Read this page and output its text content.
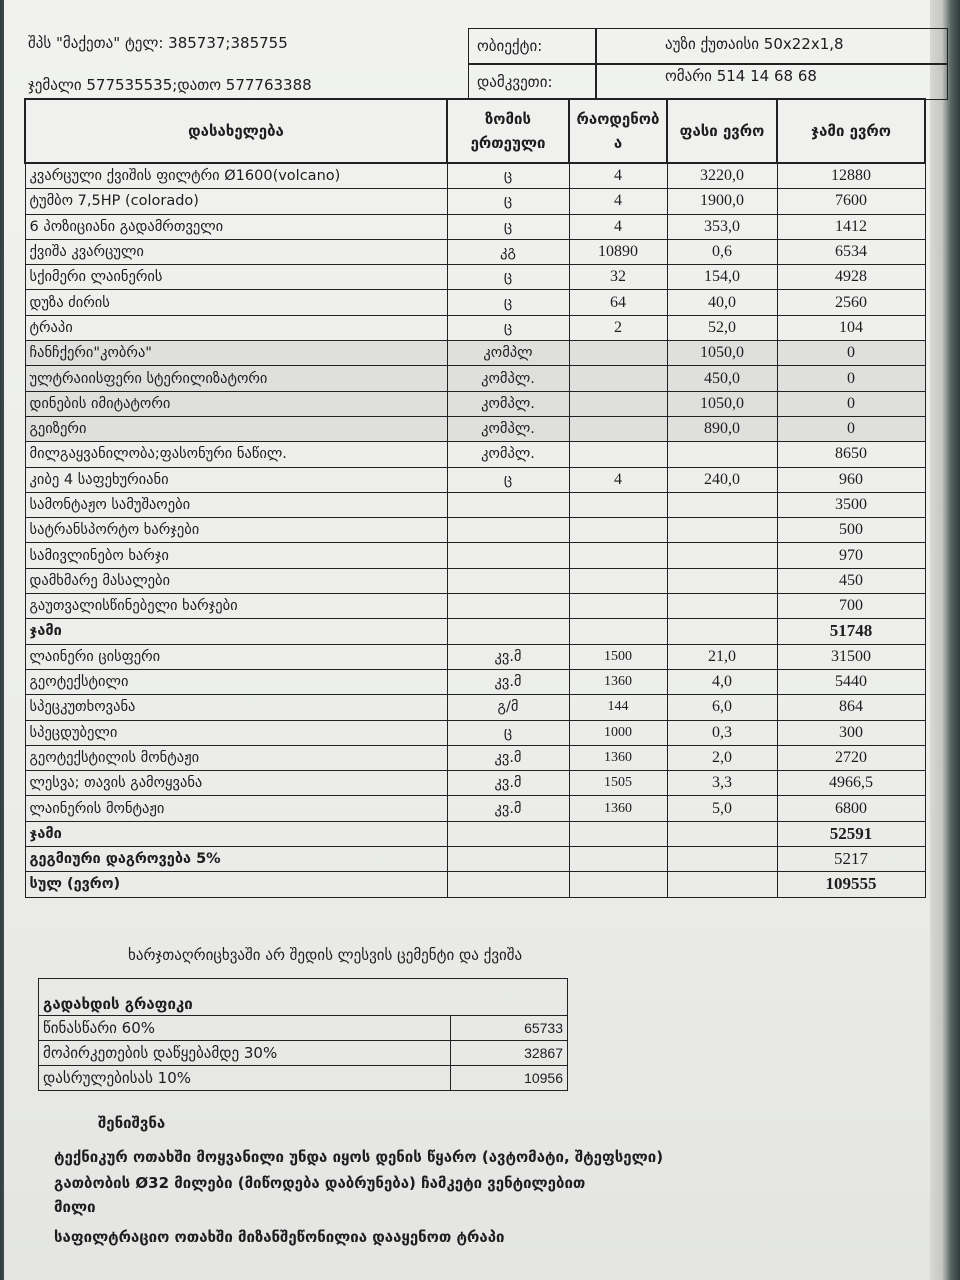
შპს "მაქეთა" ტელ: 385737;385755
ჯემალი 577535535;დათო 577763388
ობიექტი:	აუზი ქუთაისი 50x22x1,8
დამკვეთი:	ომარი 514 14 68 68
დასახელება	ზომის ერთეული	რაოდენობა	ფასი ევრო	ჯამი ევრო
კვარცული ქვიშის ფილტრი Ø1600(volcano)	ც	4	3220,0	12880
ტუმბო 7,5HP (colorado)	ც	4	1900,0	7600
6 პოზიციანი გადამრთველი	ც	4	353,0	1412
ქვიშა კვარცული	კგ	10890	0,6	6534
სქიმერი ლაინერის	ც	32	154,0	4928
დუზა ძირის	ც	64	40,0	2560
ტრაპი	ც	2	52,0	104
ჩანჩქერი"კობრა"	კომპლ		1050,0	0
ულტრაიისფერი სტერილიზატორი	კომპლ.		450,0	0
დინების იმიტატორი	კომპლ.		1050,0	0
გეიზერი	კომპლ.		890,0	0
მილგაყვანილობა;ფასონური ნაწილ.	კომპლ.			8650
კიბე 4 საფეხურიანი	ც	4	240,0	960
სამონტაჟო სამუშაოები				3500
სატრანსპორტო ხარჯები				500
სამივლინებო ხარჯი				970
დამხმარე მასალები				450
გაუთვალისწინებელი ხარჯები				700
ჯამი				51748
ლაინერი ცისფერი	კვ.მ	1500	21,0	31500
გეოტექსტილი	კვ.მ	1360	4,0	5440
სპეცკუთხოვანა	გ/მ	144	6,0	864
სპეცდუბელი	ც	1000	0,3	300
გეოტექსტილის მონტაჟი	კვ.მ	1360	2,0	2720
ლესვა; თავის გამოყვანა	კვ.მ	1505	3,3	4966,5
ლაინერის მონტაჟი	კვ.მ	1360	5,0	6800
ჯამი				52591
გეგმიური დაგროვება 5%				5217
სულ (ევრო)				109555
ხარჯთაღრიცხვაში არ შედის ლესვის ცემენტი და ქვიშა
გადახდის გრაფიკი
წინასწარი 60%	65733
მოპირკეთების დაწყებამდე 30%	32867
დასრულებისას 10%	10956
შენიშვნა
ტექნიკურ ოთახში მოყვანილი უნდა იყოს დენის წყარო (ავტომატი, შტეფსელი)
გათბობის Ø32 მილები (მიწოდება დაბრუნება) ჩამკეტი ვენტილებით
მილი
საფილტრაციო ოთახში მიზანშეწონილია დააყენოთ ტრაპი
